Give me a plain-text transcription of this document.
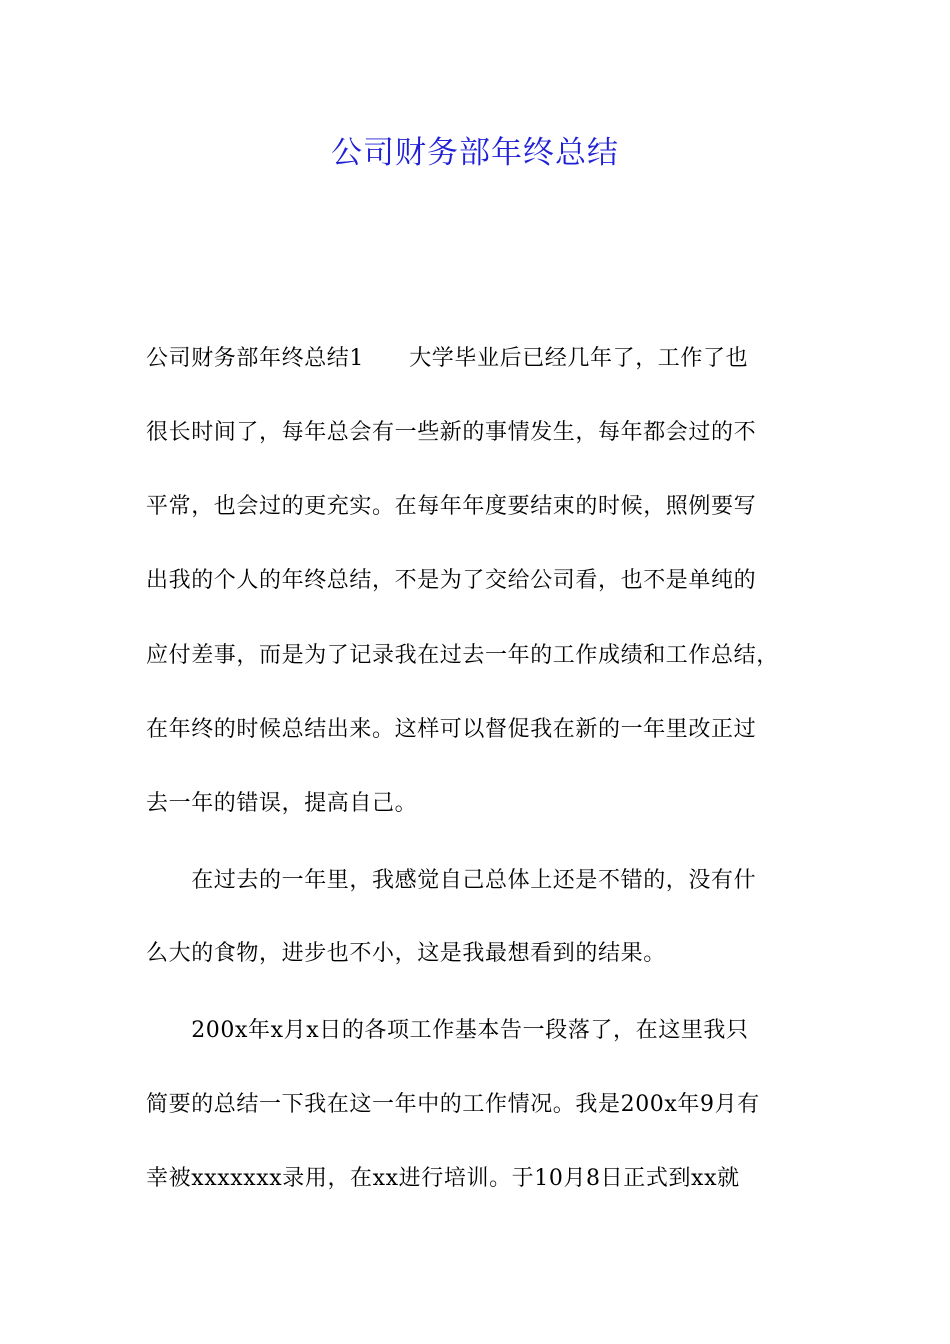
公司财务部年终总结
公司财务部年终总结1　　大学毕业后已经几年了，工作了也
很长时间了，每年总会有一些新的事情发生，每年都会过的不
平常，也会过的更充实。在每年年度要结束的时候，照例要写
出我的个人的年终总结，不是为了交给公司看，也不是单纯的
应付差事，而是为了记录我在过去一年的工作成绩和工作总结，
在年终的时候总结出来。这样可以督促我在新的一年里改正过
去一年的错误，提高自己。
　　在过去的一年里，我感觉自己总体上还是不错的，没有什
么大的食物，进步也不小，这是我最想看到的结果。
　　200x年x月x日的各项工作基本告一段落了，在这里我只
简要的总结一下我在这一年中的工作情况。我是200x年9月有
幸被xxxxxxx录用，在xx进行培训。于10月8日正式到xx就
